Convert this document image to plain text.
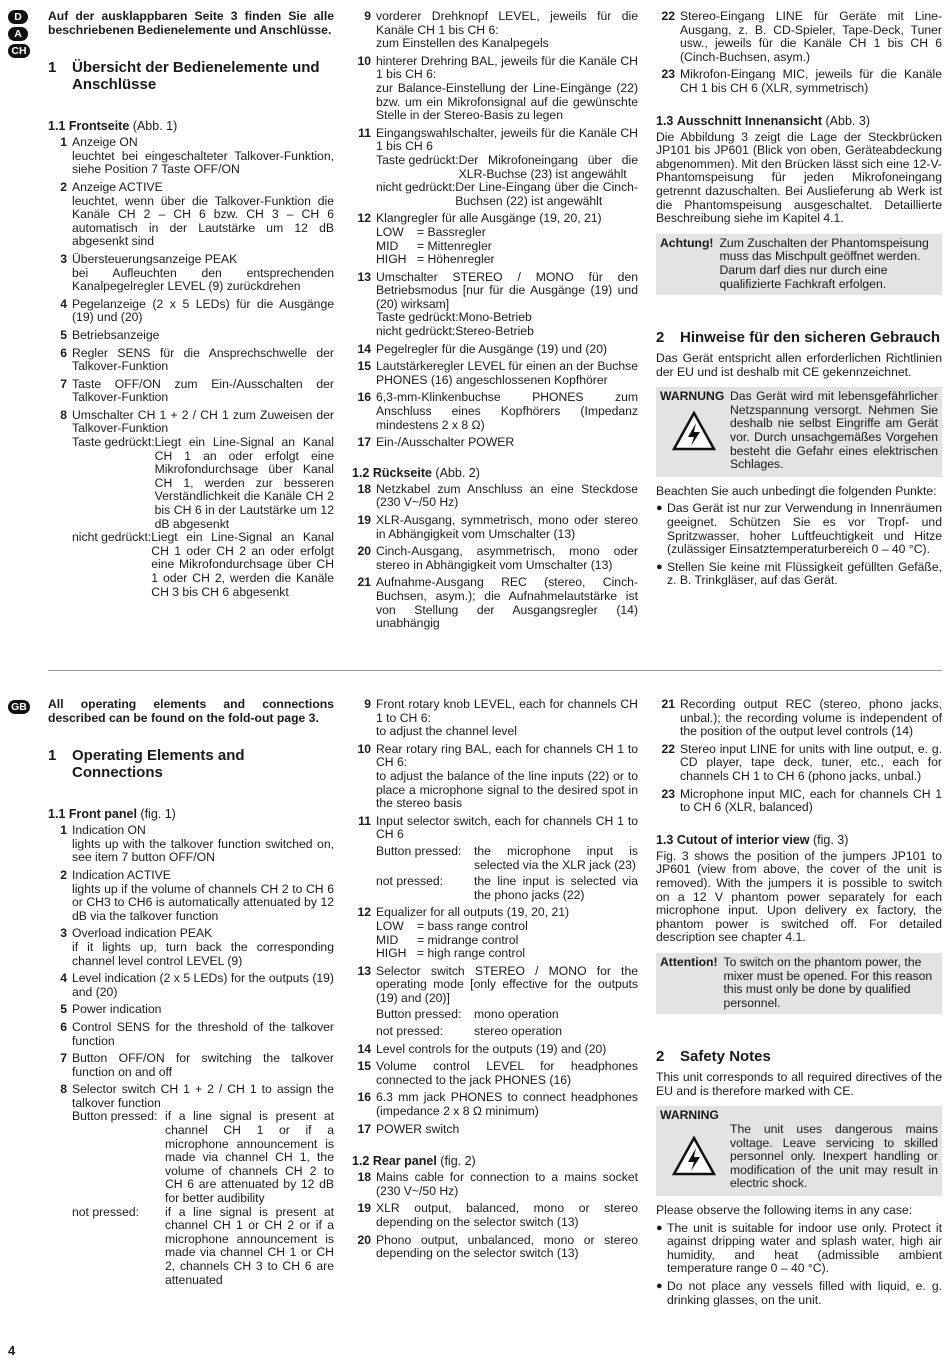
D
A
CH

Auf der ausklappbaren Seite 3 finden Sie alle beschriebenen Bedienelemente und Anschlüsse.

1	Übersicht der Bedienelemente und Anschlüsse
1.1 Frontseite (Abb. 1)
1 Anzeige ON
leuchtet bei eingeschalteter Talkover-Funktion, siehe Position 7 Taste OFF/ON
2 Anzeige ACTIVE
leuchtet, wenn über die Talkover-Funktion die Kanäle CH 2 – CH 6 bzw. CH 3 – CH 6 automatisch in der Lautstärke um 12 dB abgesenkt sind
3 Übersteuerungsanzeige PEAK
bei Aufleuchten den entsprechenden Kanalpegelregler LEVEL (9) zurückdrehen
4 Pegelanzeige (2 x 5 LEDs) für die Ausgänge (19) und (20)
5 Betriebsanzeige
6 Regler SENS für die Ansprechschwelle der Talkover-Funktion
7 Taste OFF/ON zum Ein-/Ausschalten der Talkover-Funktion
8 Umschalter CH 1 + 2 / CH 1 zum Zuweisen der Talkover-Funktion
Taste gedrückt: Liegt ein Line-Signal an Kanal CH 1 an oder erfolgt eine Mikrofondurchsage über Kanal CH 1, werden zur besseren Verständlichkeit die Kanäle CH 2 bis CH 6 in der Lautstärke um 12 dB abgesenkt
nicht gedrückt: Liegt ein Line-Signal an Kanal CH 1 oder CH 2 an oder erfolgt eine Mikrofondurchsage über CH 1 oder CH 2, werden die Kanäle CH 3 bis CH 6 abgesenkt
9 vorderer Drehknopf LEVEL, jeweils für die Kanäle CH 1 bis CH 6:
zum Einstellen des Kanalpegels
10 hinterer Drehring BAL, jeweils für die Kanäle CH 1 bis CH 6:
zur Balance-Einstellung der Line-Eingänge (22) bzw. um ein Mikrofonsignal auf die gewünschte Stelle in der Stereo-Basis zu legen
11 Eingangswahlschalter, jeweils für die Kanäle CH 1 bis CH 6
Taste gedrückt: Der Mikrofoneingang über die XLR-Buchse (23) ist angewählt
nicht gedrückt: Der Line-Eingang über die Cinch-Buchsen (22) ist angewählt
12 Klangregler für alle Ausgänge (19, 20, 21)
LOW	= Bassregler
MID	= Mittenregler
HIGH = Höhenregler
13 Umschalter STEREO / MONO für den Betriebsmodus [nur für die Ausgänge (19) und (20) wirksam]
Taste gedrückt: Mono-Betrieb
nicht gedrückt: Stereo-Betrieb
14 Pegelregler für die Ausgänge (19) und (20)
15 Lautstärkeregler LEVEL für einen an der Buchse PHONES (16) angeschlossenen Kopfhörer
16 6,3-mm-Klinkenbuchse PHONES zum Anschluss eines Kopfhörers (Impedanz mindestens 2 x 8 Ω)
17 Ein-/Ausschalter POWER
1.2 Rückseite (Abb. 2)
18 Netzkabel zum Anschluss an eine Steckdose (230 V~/50 Hz)
19 XLR-Ausgang, symmetrisch, mono oder stereo in Abhängigkeit vom Umschalter (13)
20 Cinch-Ausgang, asymmetrisch, mono oder stereo in Abhängigkeit vom Umschalter (13)
21 Aufnahme-Ausgang REC (stereo, Cinch-Buchsen, asym.); die Aufnahmelautstärke ist von Stellung der Ausgangsregler (14) unabhängig
22 Stereo-Eingang LINE für Geräte mit Line-Ausgang, z. B. CD-Spieler, Tape-Deck, Tuner usw., jeweils für die Kanäle CH 1 bis CH 6 (Cinch-Buchsen, asym.)
23 Mikrofon-Eingang MIC, jeweils für die Kanäle CH 1 bis CH 6 (XLR, symmetrisch)
1.3 Ausschnitt Innenansicht (Abb. 3)

Die Abbildung 3 zeigt die Lage der Steckbrücken JP101 bis JP601 (Blick von oben, Geräteabdeckung abgenommen). Mit den Brücken lässt sich eine 12-V-Phantomspeisung für jeden Mikrofoneingang getrennt dazuschalten. Bei Auslieferung ab Werk ist die Phantomspeisung ausgeschaltet. Detaillierte Beschreibung siehe im Kapitel 4.1.

Achtung! Zum Zuschalten der Phantomspeisung muss das Mischpult geöffnet werden. Darum darf dies nur durch eine qualifizierte Fachkraft erfolgen.
2	Hinweise für den sicheren Gebrauch

Das Gerät entspricht allen erforderlichen Richtlinien der EU und ist deshalb mit CE gekennzeichnet.

WARNUNG Das Gerät wird mit lebensgefährlicher Netzspannung versorgt. Nehmen Sie deshalb nie selbst Eingriffe am Gerät vor. Durch unsachgemäßes Vorgehen besteht die Gefahr eines elektrischen Schlages.

Beachten Sie auch unbedingt die folgenden Punkte:

● Das Gerät ist nur zur Verwendung in Innenräumen geeignet. Schützen Sie es vor Tropf- und Spritzwasser, hoher Luftfeuchtigkeit und Hitze (zulässiger Einsatztemperaturbereich 0 – 40 °C).
● Stellen Sie keine mit Flüssigkeit gefüllten Gefäße, z. B. Trinkgläser, auf das Gerät.
GB All operating elements and connections described can be found on the fold-out page 3.

1	Operating Elements and Connections
1.1 Front panel (fig. 1)
1 Indication ON
lights up with the talkover function switched on, see item 7 button OFF/ON
2 Indication ACTIVE
lights up if the volume of channels CH 2 to CH 6 or CH3 to CH6 is automatically attenuated by 12 dB via the talkover function
3 Overload indication PEAK
if it lights up, turn back the corresponding channel level control LEVEL (9)
4 Level indication (2 x 5 LEDs) for the outputs (19) and (20)
5 Power indication
6 Control SENS for the threshold of the talkover function
7 Button OFF/ON for switching the talkover function on and off
8 Selector switch CH 1 + 2 / CH 1 to assign the talkover function
Button pressed: if a line signal is present at channel CH 1 or if a microphone announcement is made via channel CH 1, the volume of channels CH 2 to CH 6 are attenuated by 12 dB for better audibility
not pressed:	if a line signal is present at channel CH 1 or CH 2 or if a microphone announcement is made via channel CH 1 or CH 2, channels CH 3 to CH 6 are attenuated
9 Front rotary knob LEVEL, each for channels CH 1 to CH 6:
to adjust the channel level
10 Rear rotary ring BAL, each for channels CH 1 to CH 6:
to adjust the balance of the line inputs (22) or to place a microphone signal to the desired spot in the stereo basis
11 Input selector switch, each for channels CH 1 to CH 6
Button pressed:	the microphone input is selected via the XLR jack (23)
not pressed:	the line input is selected via the phono jacks (22)
12 Equalizer for all outputs (19, 20, 21)
LOW	= bass range control
MID	= midrange control
HIGH = high range control
13 Selector switch STEREO / MONO for the operating mode [only effective for the outputs (19) and (20)]
Button pressed:	mono operation
not pressed:	stereo operation
14 Level controls for the outputs (19) and (20)
15 Volume control LEVEL for headphones connected to the jack PHONES (16)
16 6.3 mm jack PHONES to connect headphones (impedance 2 x 8 Ω minimum)
17 POWER switch
1.2 Rear panel (fig. 2)
18 Mains cable for connection to a mains socket (230 V~/50 Hz)
19 XLR output, balanced, mono or stereo depending on the selector switch (13)
20 Phono output, unbalanced, mono or stereo depending on the selector switch (13)
21 Recording output REC (stereo, phono jacks, unbal.); the recording volume is independent of the position of the output level controls (14)
22 Stereo input LINE for units with line output, e. g. CD player, tape deck, tuner, etc., each for channels CH 1 to CH 6 (phono jacks, unbal.)
23 Microphone input MIC, each for channels CH 1 to CH 6 (XLR, balanced)
1.3 Cutout of interior view (fig. 3)

Fig. 3 shows the position of the jumpers JP101 to JP601 (view from above, the cover of the unit is removed). With the jumpers it is possible to switch on a 12 V phantom power separately for each microphone input. Upon delivery ex factory, the phantom power is switched off. For detailed description see chapter 4.1.

Attention! To switch on the phantom power, the mixer must be opened. For this reason this must only be done by qualified personnel.
2	Safety Notes

This unit corresponds to all required directives of the EU and is therefore marked with CE.

WARNING
The unit uses dangerous mains voltage. Leave servicing to skilled personnel only. Inexpert handling or modification of the unit may result in electric shock.

Please observe the following items in any case:

● The unit is suitable for indoor use only. Protect it against dripping water and splash water, high air humidity, and heat (admissible ambient temperature range 0 – 40 °C).
● Do not place any vessels filled with liquid, e. g. drinking glasses, on the unit.
4
